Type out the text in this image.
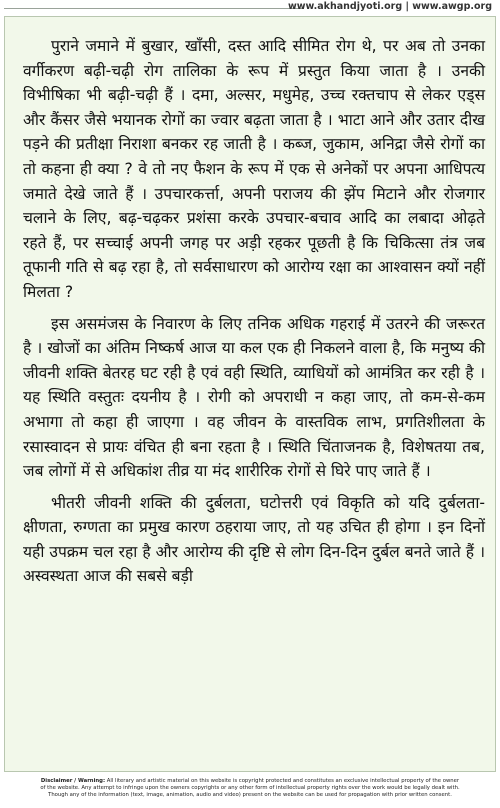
www.akhandjyoti.org | www.awgp.org

पुराने जमाने में बुखार, खाँसी, दस्त आदि सीमित रोग थे, पर अब तो उनका वर्गीकरण बढ़ी-चढ़ी रोग तालिका के रूप में प्रस्तुत किया जाता है । उनकी विभीषिका भी बढ़ी-चढ़ी हैं । दमा, अल्सर, मधुमेह, उच्च रक्तचाप से लेकर एड्स और कैंसर जैसे भयानक रोगों का ज्वार बढ़ता जाता है । भाटा आने और उतार दीख पड़ने की प्रतीक्षा निराशा बनकर रह जाती है । कब्ज, जुकाम, अनिद्रा जैसे रोगों का तो कहना ही क्या ? वे तो नए फैशन के रूप में एक से अनेकों पर अपना आधिपत्य जमाते देखे जाते हैं । उपचारकर्त्ता, अपनी पराजय की झेंप मिटाने और रोजगार चलाने के लिए, बढ़-चढ़कर प्रशंसा करके उपचार-बचाव आदि का लबादा ओढ़ते रहते हैं, पर सच्चाई अपनी जगह पर अड़ी रहकर पूछती है कि चिकित्सा तंत्र जब तूफानी गति से बढ़ रहा है, तो सर्वसाधारण को आरोग्य रक्षा का आश्वासन क्यों नहीं मिलता ?

इस असमंजस के निवारण के लिए तनिक अधिक गहराई में उतरने की जरूरत है । खोजों का अंतिम निष्कर्ष आज या कल एक ही निकलने वाला है, कि मनुष्य की जीवनी शक्ति बेतरह घट रही है एवं वही स्थिति, व्याधियों को आमंत्रित कर रही है । यह स्थिति वस्तुतः दयनीय है । रोगी को अपराधी न कहा जाए, तो कम-से-कम अभागा तो कहा ही जाएगा । वह जीवन के वास्तविक लाभ, प्रगतिशीलता के रसास्वादन से प्रायः वंचित ही बना रहता है । स्थिति चिंताजनक है, विशेषतया तब, जब लोगों में से अधिकांश तीव्र या मंद शारीरिक रोगों से घिरे पाए जाते हैं ।

भीतरी जीवनी शक्ति की दुर्बलता, घटोत्तरी एवं विकृति को यदि दुर्बलता-क्षीणता, रुग्णता का प्रमुख कारण ठहराया जाए, तो यह उचित ही होगा । इन दिनों यही उपक्रम चल रहा है और आरोग्य की दृष्टि से लोग दिन-दिन दुर्बल बनते जाते हैं । अस्वस्थता आज की सबसे बड़ी

Disclaimer / Warning: All literary and artistic material on this website is copyright protected and constitutes an exclusive intellectual property of the owner
of the website. Any attempt to infringe upon the owners copyrights or any other form of intellectual property rights over the work would be legally dealt with.
Though any of the information (text, image, animation, audio and video) present on the website can be used for propagation with prior written consent.
